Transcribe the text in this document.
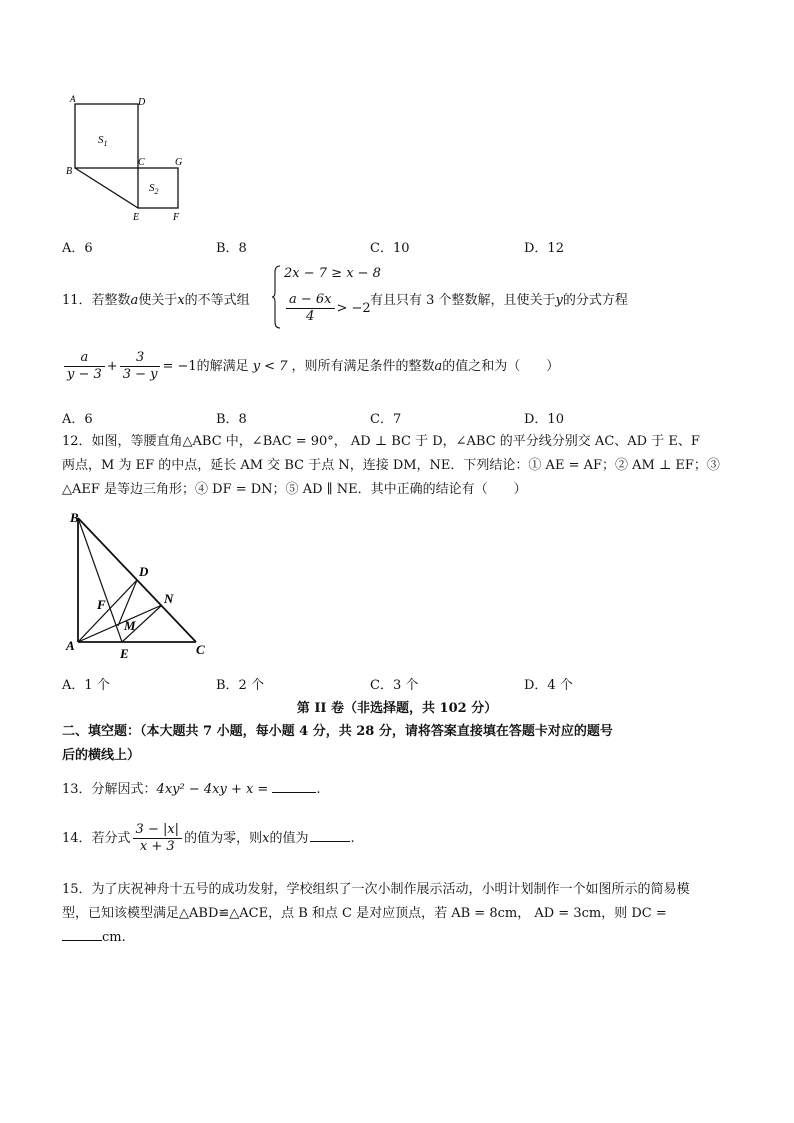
A	D
B
C	G
E	F
$S_1$
$S_2$
A．6	B．8	C．10	D．12
11．若整数a使关于x的不等式组
2x − 7 ≥ x − 8
$\frac{a - 6x}{4} > -2$
有且只有 3 个整数解，且使关于y的分式方程
$\frac{a}{y - 3} + \frac{3}{3 - y} = -1$的解满足 y < 7 ，则所有满足条件的整数a的值之和为（　　）
A．6	B．8	C．7	D．10
12．如图，等腰直角△ABC 中，∠BAC = 90°， AD ⊥ BC 于 D，∠ABC 的平分线分别交 AC、AD 于 E、F
两点，M 为 EF 的中点，延长 AM 交 BC 于点 N，连接 DM，NE．下列结论：① AE = AF；② AM ⊥ EF；③
△AEF 是等边三角形；④ DF = DN；⑤ AD ∥ NE．其中正确的结论有（　　）
B
D
N
F
M
A
E	C
A．1 个	B．2 个	C．3 个	D．4 个
第 II 卷（非选择题，共 102 分）
二、填空题：（本大题共 7 小题，每小题 4 分，共 28 分，请将答案直接填在答题卡对应的题号
后的横线上）
13．分解因式：4xy² − 4xy + x =	.
14．若分式 $\frac{3 - |x|}{x + 3}$ 的值为零，则x的值为	.
15．为了庆祝神舟十五号的成功发射，学校组织了一次小制作展示活动，小明计划制作一个如图所示的简易模
型，已知该模型满足△ABD≌△ACE，点 B 和点 C 是对应顶点，若 AB = 8cm， AD = 3cm，则 DC =
cm.
